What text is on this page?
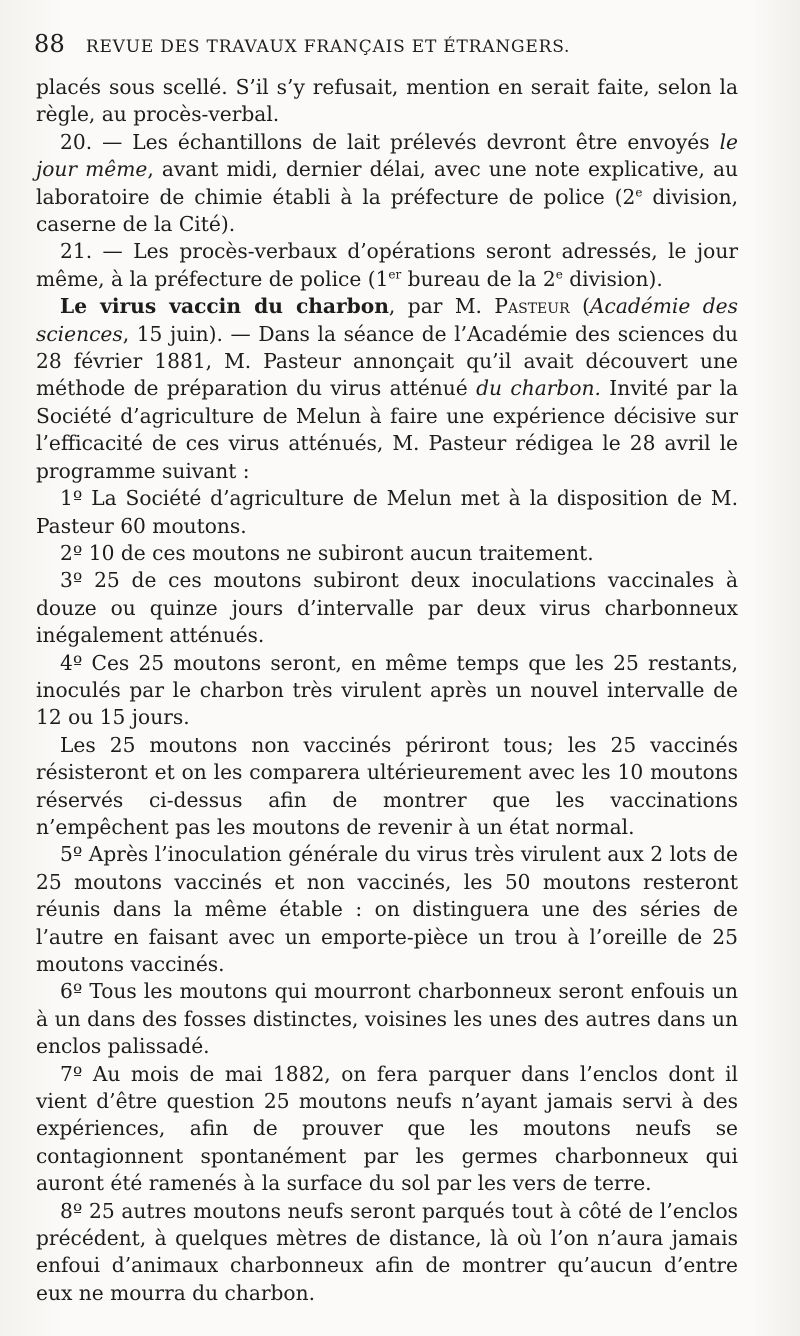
88 REVUE DES TRAVAUX FRANÇAIS ET ÉTRANGERS.

placés sous scellé. S’il s’y refusait, mention en serait faite, selon la règle, au procès-verbal.

20. — Les échantillons de lait prélevés devront être envoyés le jour même, avant midi, dernier délai, avec une note explicative, au laboratoire de chimie établi à la préfecture de police (2e division, caserne de la Cité).

21. — Les procès-verbaux d’opérations seront adressés, le jour même, à la préfecture de police (1er bureau de la 2e division).

Le virus vaccin du charbon, par M. Pasteur (Académie des sciences, 15 juin). — Dans la séance de l’Académie des sciences du 28 février 1881, M. Pasteur annonçait qu’il avait découvert une méthode de préparation du virus atténué du charbon. Invité par la Société d’agriculture de Melun à faire une expérience décisive sur l’efficacité de ces virus atténués, M. Pasteur rédigea le 28 avril le programme suivant :

1º La Société d’agriculture de Melun met à la disposition de M. Pasteur 60 moutons.

2º 10 de ces moutons ne subiront aucun traitement.

3º 25 de ces moutons subiront deux inoculations vaccinales à douze ou quinze jours d’intervalle par deux virus charbonneux inégalement atténués.

4º Ces 25 moutons seront, en même temps que les 25 restants, inoculés par le charbon très virulent après un nouvel intervalle de 12 ou 15 jours.

Les 25 moutons non vaccinés périront tous; les 25 vaccinés résisteront et on les comparera ultérieurement avec les 10 moutons réservés ci-dessus afin de montrer que les vaccinations n’empêchent pas les moutons de revenir à un état normal.

5º Après l’inoculation générale du virus très virulent aux 2 lots de 25 moutons vaccinés et non vaccinés, les 50 moutons resteront réunis dans la même étable : on distinguera une des séries de l’autre en faisant avec un emporte-pièce un trou à l’oreille de 25 moutons vaccinés.

6º Tous les moutons qui mourront charbonneux seront enfouis un à un dans des fosses distinctes, voisines les unes des autres dans un enclos palissadé.

7º Au mois de mai 1882, on fera parquer dans l’enclos dont il vient d’être question 25 moutons neufs n’ayant jamais servi à des expériences, afin de prouver que les moutons neufs se contagionnent spontanément par les germes charbonneux qui auront été ramenés à la surface du sol par les vers de terre.

8º 25 autres moutons neufs seront parqués tout à côté de l’enclos précédent, à quelques mètres de distance, là où l’on n’aura jamais enfoui d’animaux charbonneux afin de montrer qu’aucun d’entre eux ne mourra du charbon.
